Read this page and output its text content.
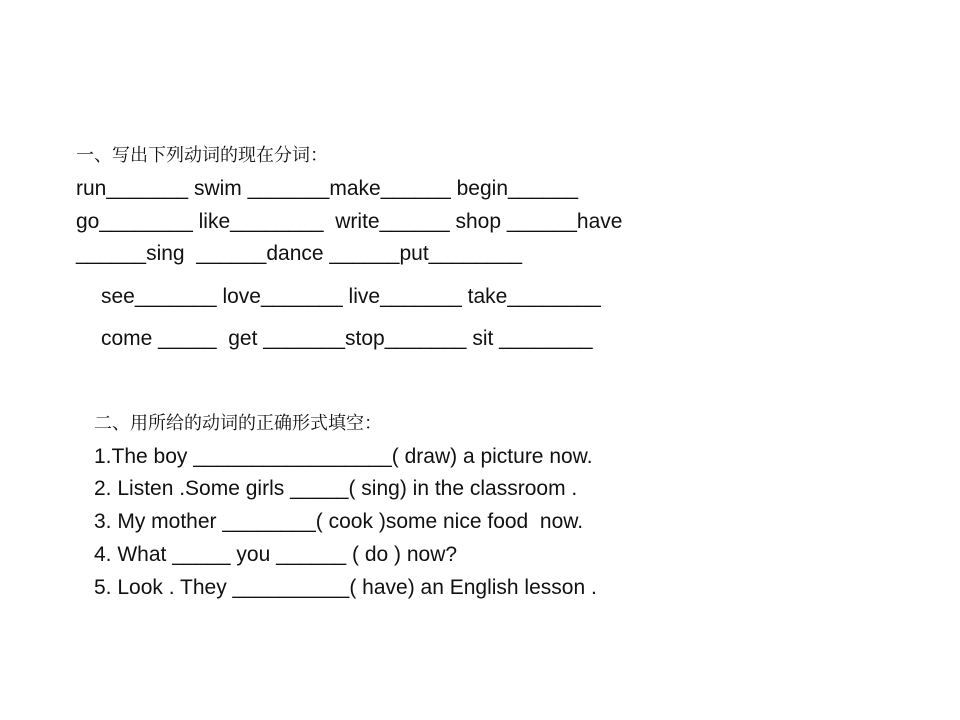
一、写出下列动词的现在分词：
run_______ swim _______make______ begin______
go________ like________  write______ shop ______have
______sing  ______dance ______put________
see_______ love_______ live_______ take________
come _____  get _______stop_______ sit ________
二、用所给的动词的正确形式填空：
1.The boy _________________( draw) a picture now.
2. Listen .Some girls _____( sing) in the classroom .
3. My mother ________( cook )some nice food  now.
4. What _____ you ______ ( do ) now?
5. Look . They __________( have) an English lesson .
